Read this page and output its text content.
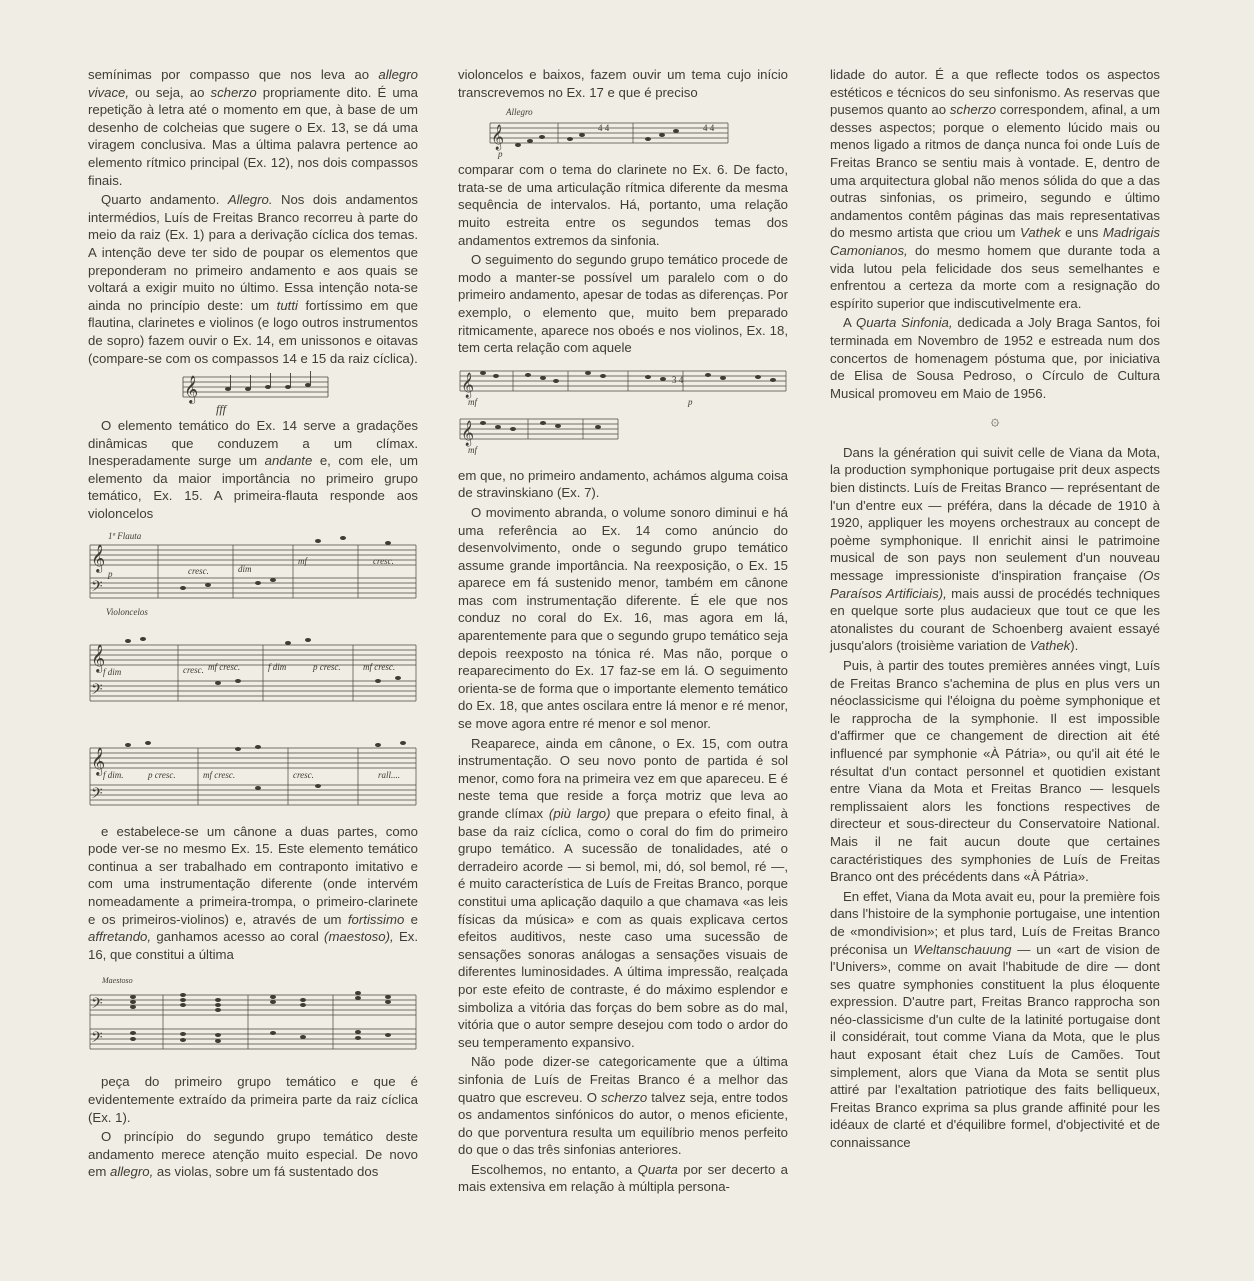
semínimas por compasso que nos leva ao allegro vivace, ou seja, ao scherzo propriamente dito. É uma repetição à letra até o momento em que, à base de um desenho de colcheias que sugere o Ex. 13, se dá uma viragem conclusiva. Mas a última palavra pertence ao elemento rítmico principal (Ex. 12), nos dois compassos finais.

Quarto andamento. Allegro. Nos dois andamentos intermédios, Luís de Freitas Branco recorreu à parte do meio da raiz (Ex. 1) para a derivação cíclica dos temas. A intenção deve ter sido de poupar os elementos que preponderam no primeiro andamento e aos quais se voltará a exigir muito no último. Essa intenção nota-se ainda no princípio deste: um tutti fortíssimo em que flautina, clarinetes e violinos (e logo outros instrumentos de sopro) fazem ouvir o Ex. 14, em unissonos e oitavas (compare-se com os compassos 14 e 15 da raiz cíclica).

𝄞
fff

O elemento temático do Ex. 14 serve a gradações dinâmicas que conduzem a um clímax. Inesperadamente surge um andante e, com ele, um elemento da maior importância no primeiro grupo temático, Ex. 15. A primeira-flauta responde aos violoncelos

𝄞
𝄢
𝄞
𝄢
𝄞
𝄢
1ª Flauta
Violoncelos
cresc.	dim
mf	cresc.
p
f dim	cresc. mf cresc.	f dim	p cresc. mf cresc.
f dim.	p cresc.	mf cresc.	cresc.	rall....

e estabelece-se um cânone a duas partes, como pode ver-se no mesmo Ex. 15. Este elemento temático continua a ser trabalhado em contraponto imitativo e com uma instrumentação diferente (onde intervém nomeadamente a primeira-trompa, o primeiro-clarinete e os primeiros-violinos) e, através de um fortissimo e affretando, ganhamos acesso ao coral (maestoso), Ex. 16, que constitui a última

Maestoso
𝄢
𝄢

peça do primeiro grupo temático e que é evidentemente extraído da primeira parte da raiz cíclica (Ex. 1).

O princípio do segundo grupo temático deste andamento merece atenção muito especial. De novo em allegro, as violas, sobre um fá sustentado dos

violoncelos e baixos, fazem ouvir um tema cujo início transcrevemos no Ex. 17 e que é preciso

Allegro
𝄞
p
4 4	4 4

comparar com o tema do clarinete no Ex. 6. De facto, trata-se de uma articulação rítmica diferente da mesma sequência de intervalos. Há, portanto, uma relação muito estreita entre os segundos temas dos andamentos extremos da sinfonia.

O seguimento do segundo grupo temático procede de modo a manter-se possível um paralelo com o do primeiro andamento, apesar de todas as diferenças. Por exemplo, o elemento que, muito bem preparado ritmicamente, aparece nos oboés e nos violinos, Ex. 18, tem certa relação com aquele

𝄞
𝄞
mf	p
mf
3 4

em que, no primeiro andamento, achámos alguma coisa de stravinskiano (Ex. 7).

O movimento abranda, o volume sonoro diminui e há uma referência ao Ex. 14 como anúncio do desenvolvimento, onde o segundo grupo temático assume grande importância. Na reexposição, o Ex. 15 aparece em fá sustenido menor, também em cânone mas com instrumentação diferente. É ele que nos conduz no coral do Ex. 16, mas agora em lá, aparentemente para que o segundo grupo temático seja depois reexposto na tónica ré. Mas não, porque o reaparecimento do Ex. 17 faz-se em lá. O seguimento orienta-se de forma que o importante elemento temático do Ex. 18, que antes oscilara entre lá menor e ré menor, se move agora entre ré menor e sol menor.

Reaparece, ainda em cânone, o Ex. 15, com outra instrumentação. O seu novo ponto de partida é sol menor, como fora na primeira vez em que apareceu. E é neste tema que reside a força motriz que leva ao grande clímax (più largo) que prepara o efeito final, à base da raiz cíclica, como o coral do fim do primeiro grupo temático. A sucessão de tonalidades, até o derradeiro acorde — si bemol, mi, dó, sol bemol, ré —, é muito característica de Luís de Freitas Branco, porque constitui uma aplicação daquilo a que chamava «as leis físicas da música» e com as quais explicava certos efeitos auditivos, neste caso uma sucessão de sensações sonoras análogas a sensações visuais de diferentes luminosidades. A última impressão, realçada por este efeito de contraste, é do máximo esplendor e simboliza a vitória das forças do bem sobre as do mal, vitória que o autor sempre desejou com todo o ardor do seu temperamento expansivo.

Não pode dizer-se categoricamente que a última sinfonia de Luís de Freitas Branco é a melhor das quatro que escreveu. O scherzo talvez seja, entre todos os andamentos sinfónicos do autor, o menos eficiente, do que porventura resulta um equilíbrio menos perfeito do que o das três sinfonias anteriores.

Escolhemos, no entanto, a Quarta por ser decerto a mais extensiva em relação à múltipla persona-

lidade do autor. É a que reflecte todos os aspectos estéticos e técnicos do seu sinfonismo. As reservas que pusemos quanto ao scherzo correspondem, afinal, a um desses aspectos; porque o elemento lúcido mais ou menos ligado a ritmos de dança nunca foi onde Luís de Freitas Branco se sentiu mais à vontade. E, dentro de uma arquitectura global não menos sólida do que a das outras sinfonias, os primeiro, segundo e último andamentos contêm páginas das mais representativas do mesmo artista que criou um Vathek e uns Madrigais Camonianos, do mesmo homem que durante toda a vida lutou pela felicidade dos seus semelhantes e enfrentou a certeza da morte com a resignação do espírito superior que indiscutivelmente era.

A Quarta Sinfonia, dedicada a Joly Braga Santos, foi terminada em Novembro de 1952 e estreada num dos concertos de homenagem póstuma que, por iniciativa de Elisa de Sousa Pedroso, o Círculo de Cultura Musical promoveu em Maio de 1956.

۞

Dans la génération qui suivit celle de Viana da Mota, la production symphonique portugaise prit deux aspects bien distincts. Luís de Freitas Branco — représentant de l'un d'entre eux — préféra, dans la décade de 1910 à 1920, appliquer les moyens orchestraux au concept de poème symphonique. Il enrichit ainsi le patrimoine musical de son pays non seulement d'un nouveau message impressioniste d'inspiration française (Os Paraísos Artificiais), mais aussi de procédés techniques en quelque sorte plus audacieux que tout ce que les atonalistes du courant de Schoenberg avaient essayé jusqu'alors (troisième variation de Vathek).

Puis, à partir des toutes premières années vingt, Luís de Freitas Branco s'achemina de plus en plus vers un néoclassicisme qui l'éloigna du poème symphonique et le rapprocha de la symphonie. Il est impossible d'affirmer que ce changement de direction ait été influencé par symphonie «À Pátria», ou qu'il ait été le résultat d'un contact personnel et quotidien existant entre Viana da Mota et Freitas Branco — lesquels remplissaient alors les fonctions respectives de directeur et sous-directeur du Conservatoire National. Mais il ne fait aucun doute que certaines caractéristiques des symphonies de Luís de Freitas Branco ont des précédents dans «À Pátria».

En effet, Viana da Mota avait eu, pour la première fois dans l'histoire de la symphonie portugaise, une intention de «mondivision»; et plus tard, Luís de Freitas Branco préconisa un Weltanschauung — un «art de vision de l'Univers», comme on avait l'habitude de dire — dont ses quatre symphonies constituent la plus éloquente expression. D'autre part, Freitas Branco rapprocha son néo-classicisme d'un culte de la latinité portugaise dont il considérait, tout comme Viana da Mota, que le plus haut exposant était chez Luís de Camões. Tout simplement, alors que Viana da Mota se sentit plus attiré par l'exaltation patriotique des faits belliqueux, Freitas Branco exprima sa plus grande affinité pour les idéaux de clarté et d'équilibre formel, d'objectivité et de connaissance
